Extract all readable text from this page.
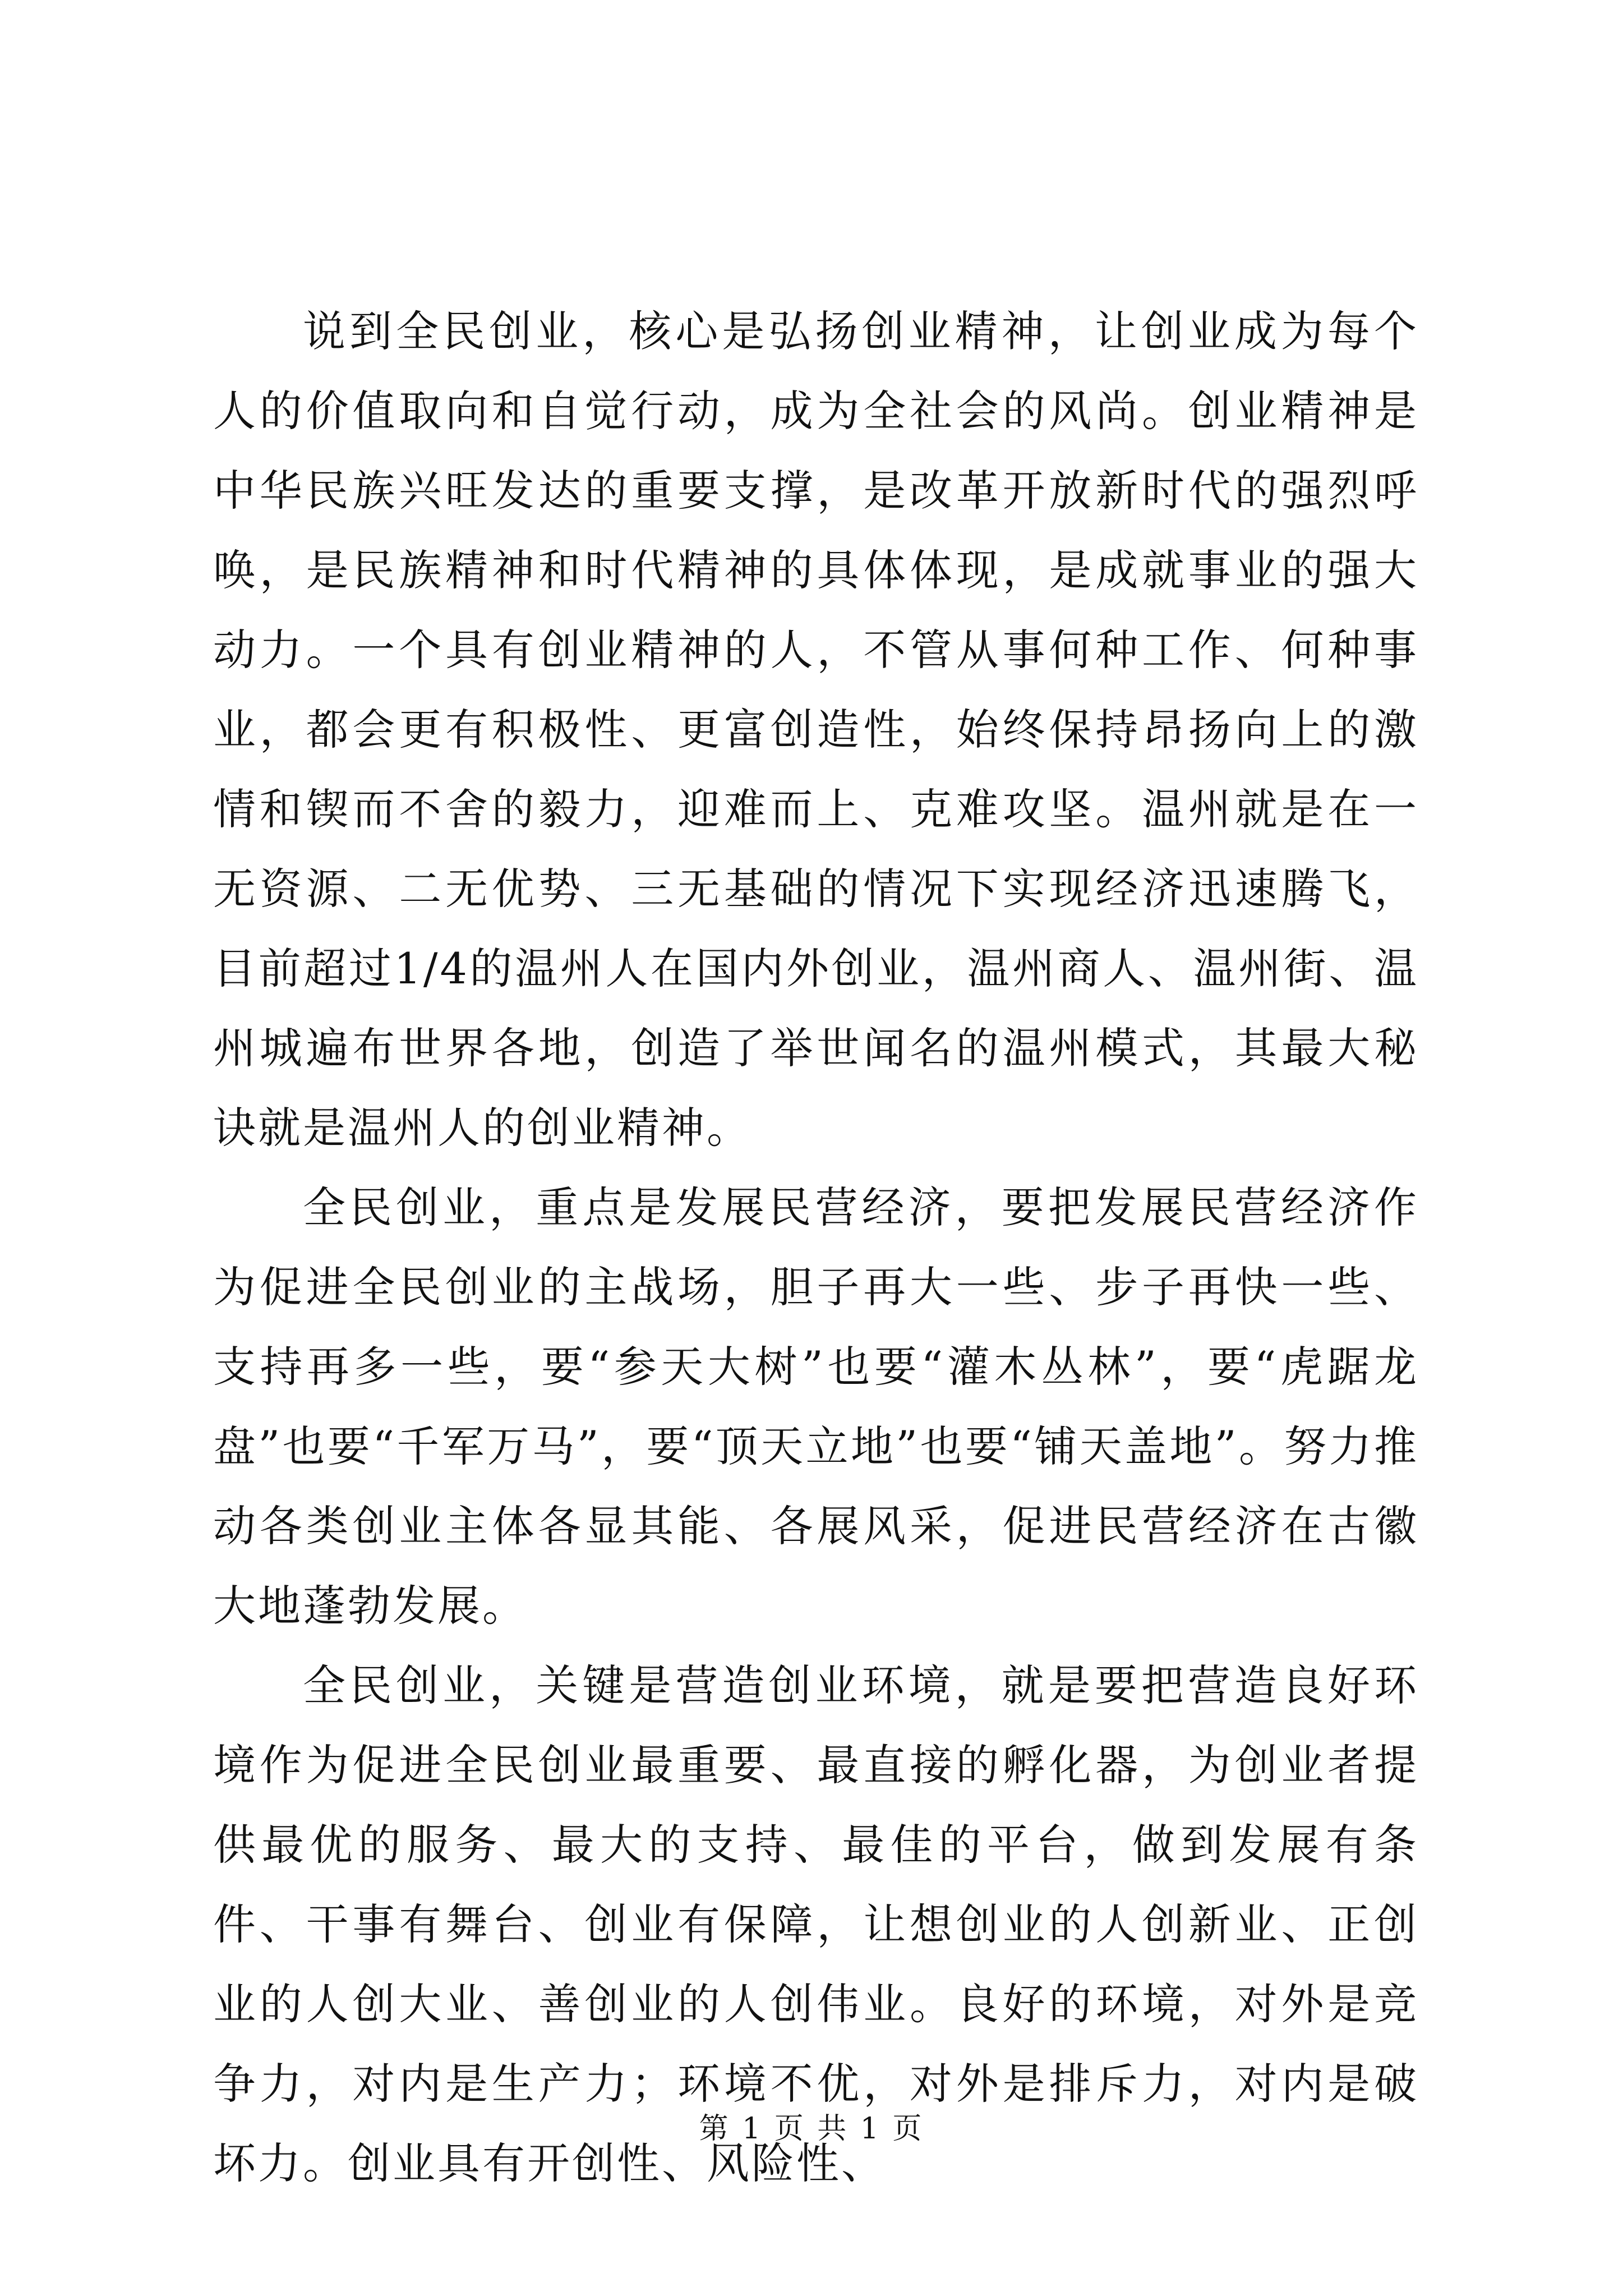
说到全民创业，核心是弘扬创业精神，让创业成为每个人的价值取向和自觉行动，成为全社会的风尚。创业精神是中华民族兴旺发达的重要支撑，是改革开放新时代的强烈呼唤，是民族精神和时代精神的具体体现，是成就事业的强大动力。一个具有创业精神的人，不管从事何种工作、何种事业，都会更有积极性、更富创造性，始终保持昂扬向上的激情和锲而不舍的毅力，迎难而上、克难攻坚。温州就是在一无资源、二无优势、三无基础的情况下实现经济迅速腾飞，目前超过1/4的温州人在国内外创业，温州商人、温州街、温州城遍布世界各地，创造了举世闻名的温州模式，其最大秘诀就是温州人的创业精神。

全民创业，重点是发展民营经济，要把发展民营经济作为促进全民创业的主战场，胆子再大一些、步子再快一些、支持再多一些，要“参天大树”也要“灌木丛林”，要“虎踞龙盘”也要“千军万马”，要“顶天立地”也要“铺天盖地”。努力推动各类创业主体各显其能、各展风采，促进民营经济在古徽大地蓬勃发展。

全民创业，关键是营造创业环境，就是要把营造良好环境作为促进全民创业最重要、最直接的孵化器，为创业者提供最优的服务、最大的支持、最佳的平台，做到发展有条件、干事有舞台、创业有保障，让想创业的人创新业、正创业的人创大业、善创业的人创伟业。良好的环境，对外是竞争力，对内是生产力；环境不优，对外是排斥力，对内是破坏力。创业具有开创性、风险性、

第 1 页 共 1 页
